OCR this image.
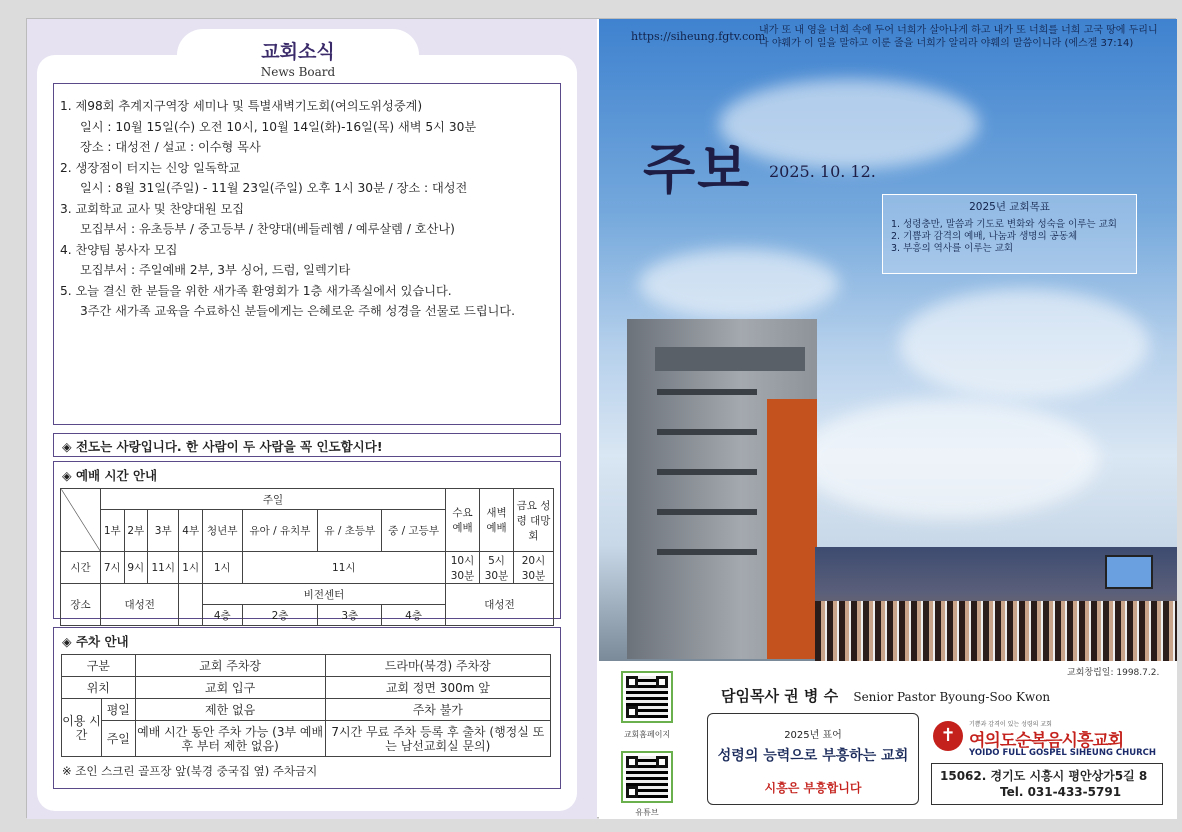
교회소식
News Board
1. 제98회 추계지구역장 세미나 및 특별새벽기도회(여의도위성중계)
일시 : 10월 15일(수) 오전 10시, 10월 14일(화)-16일(목) 새벽 5시 30분
장소 : 대성전 / 설교 : 이수형 목사
2. 생장점이 터지는 신앙 일독학교
일시 : 8월 31일(주일) - 11월 23일(주일) 오후 1시 30분 / 장소 : 대성전
3. 교회학교 교사 및 찬양대원 모집
모집부서 : 유초등부 / 중고등부 / 찬양대(베들레헴 / 예루살렘 / 호산나)
4. 찬양팀 봉사자 모집
모집부서 : 주일예배 2부, 3부 싱어, 드럼, 일렉기타
5. 오늘 결신 한 분들을 위한 새가족 환영회가 1층 새가족실에서 있습니다.
3주간 새가족 교육을 수료하신 분들에게는 은혜로운 주해 성경을 선물로 드립니다.
◈ 전도는 사랑입니다. 한 사람이 두 사람을 꼭 인도합시다!
◈ 예배 시간 안내
	주일								수요 예배	새벽 예배	금요 성령 대망회
	1부	2부	3부	4부	청년부	유아 / 유치부	유 / 초등부	중 / 고등부			
시간	7시	9시	11시	1시	1시	11시			10시 30분	5시 30분	20시 30분
장소	대성전				비전센터				대성전		
					4층	2층	3층	4층			
◈ 주차 안내
구분		교회 주차장	드라마(북경) 주차장
위치		교회 입구	교회 정면 300m 앞
이용 시간	평일	제한 없음	주차 불가
	주일	예배 시간 동안 주차 가능 (3부 예배 후 부터 제한 없음)	7시간 무료 주차 등록 후 출차 (행정실 또는 남선교회실 문의)
※ 조인 스크린 골프장 앞(북경 중국집 옆) 주차금지
https://siheung.fgtv.com
내가 또 내 영을 너희 속에 두어 너희가 살아나게 하고 내가 또 너희를 너희 고국 땅에 두리니 나 야훼가 이 일을 말하고 이룬 줄을 너희가 알리라 야훼의 말씀이니라 (에스겔 37:14)
주보 2025. 10. 12.
2025년 교회목표
1. 성령충만, 말씀과 기도로 변화와 성숙을 이루는 교회
2. 기쁨과 감격의 예배, 나눔과 생명의 공동체
3. 부흥의 역사를 이루는 교회
교회창립일: 1998.7.2.
교회홈페이지
유튜브
담임목사 권 병 수 Senior Pastor Byoung-Soo Kwon
2025년 표어
성령의 능력으로 부흥하는 교회
시흥은 부흥합니다
✝
기쁨과 감격이 있는 성령의 교회
여의도순복음시흥교회
YOIDO FULL GOSPEL SIHEUNG CHURCH
15062. 경기도 시흥시 평안상가5길 8
Tel. 031-433-5791
